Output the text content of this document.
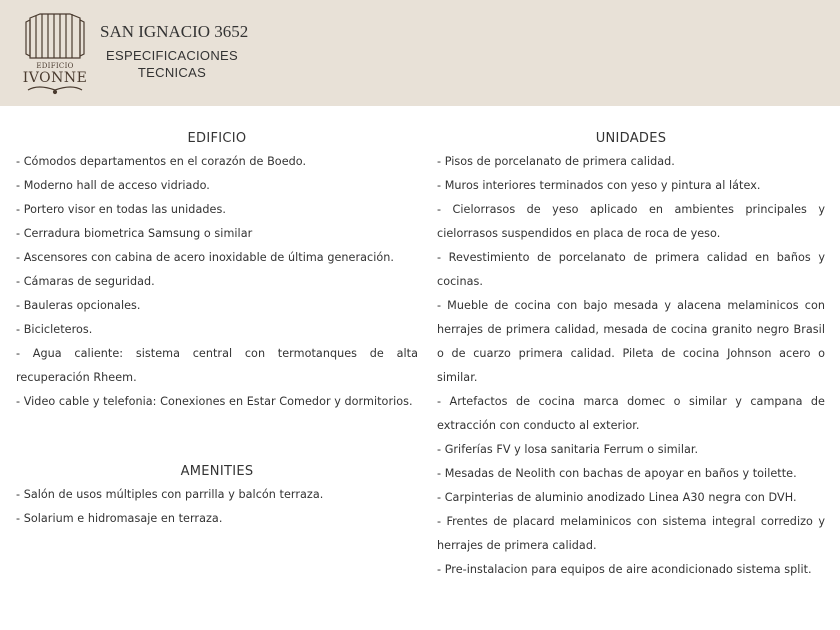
EDIFICIO
IVONNE
SAN IGNACIO 3652
ESPECIFICACIONES
TECNICAS
EDIFICIO
- Cómodos departamentos en el corazón de Boedo.
- Moderno hall de acceso vidriado.
- Portero visor en todas las unidades.
- Cerradura biometrica Samsung o similar
- Ascensores con cabina de acero inoxidable de última generación.
- Cámaras de seguridad.
- Bauleras opcionales.
- Bicicleteros.
- Agua caliente: sistema central con termotanques de alta recuperación Rheem.
- Video cable y telefonia: Conexiones en Estar Comedor y dormitorios.
AMENITIES
- Salón de usos múltiples con parrilla y balcón terraza.
- Solarium e hidromasaje en terraza.
UNIDADES
- Pisos de porcelanato de primera calidad.
- Muros interiores terminados con yeso y pintura al látex.
- Cielorrasos de yeso aplicado en ambientes principales y cielorrasos suspendidos en placa de roca de yeso.
- Revestimiento de porcelanato de primera calidad en baños y cocinas.
- Mueble de cocina con bajo mesada y alacena melaminicos con herrajes de primera calidad, mesada de cocina granito negro Brasil o de cuarzo primera calidad. Pileta de cocina Johnson acero o similar.
- Artefactos de cocina marca domec o similar y campana de extracción con conducto al exterior.
- Griferías FV y losa sanitaria Ferrum o similar.
- Mesadas de Neolith con bachas de apoyar en baños y toilette.
- Carpinterias de aluminio anodizado Linea A30 negra con DVH.
- Frentes de placard melaminicos con sistema integral corredizo y herrajes de primera calidad.
- Pre-instalacion para equipos de aire acondicionado sistema split.
